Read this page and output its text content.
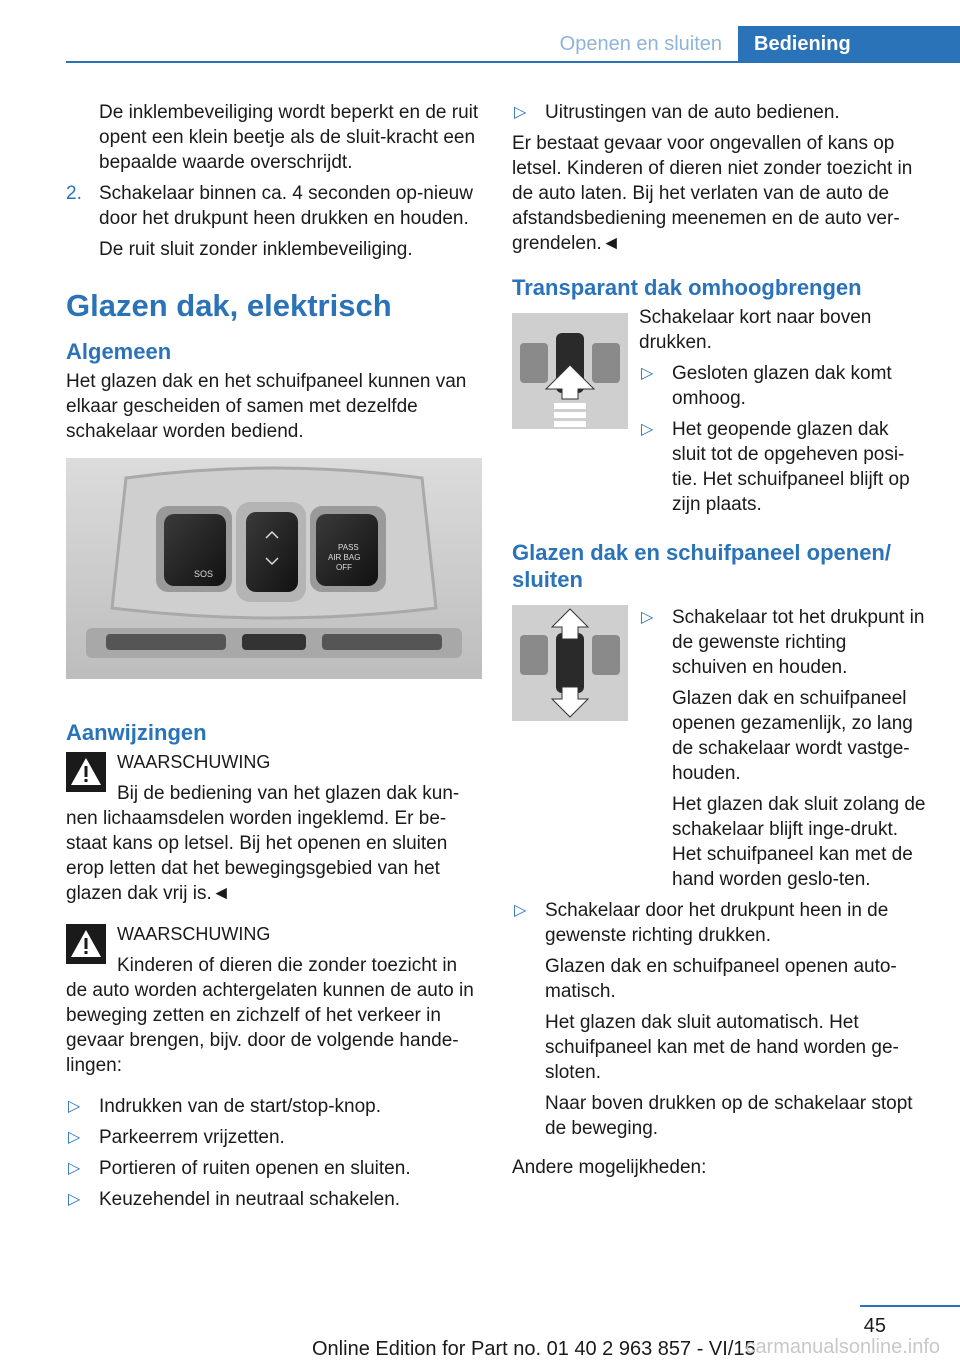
Openen en sluiten	Bediening

De inklembeveiliging wordt beperkt en de ruit opent een klein beetje als de sluit-kracht een bepaalde waarde overschrijdt.

2. Schakelaar binnen ca. 4 seconden op-nieuw door het drukpunt heen drukken en houden.
De ruit sluit zonder inklembeveiliging.
Glazen dak, elektrisch
Algemeen

Het glazen dak en het schuifpaneel kunnen van elkaar gescheiden of samen met dezelfde schakelaar worden bediend.

SOS
PASS
AIR BAG
OFF
Aanwijzingen
WAARSCHUWING
Bij de bediening van het glazen dak kun-nen lichaamsdelen worden ingeklemd. Er be-staat kans op letsel. Bij het openen en sluiten erop letten dat het bewegingsgebied van het glazen dak vrij is.◄
WAARSCHUWING
Kinderen of dieren die zonder toezicht in de auto worden achtergelaten kunnen de auto in beweging zetten en zichzelf of het verkeer in gevaar brengen, bijv. door de volgende hande-lingen:
▷ Indrukken van de start/stop-knop.
▷ Parkeerrem vrijzetten.
▷ Portieren of ruiten openen en sluiten.
▷ Keuzehendel in neutraal schakelen.
▷ Uitrustingen van de auto bedienen.

Er bestaat gevaar voor ongevallen of kans op letsel. Kinderen of dieren niet zonder toezicht in de auto laten. Bij het verlaten van de auto de afstandsbediening meenemen en de auto ver-grendelen.◄

Transparant dak omhoogbrengen

Schakelaar kort naar boven drukken.

▷ Gesloten glazen dak komt omhoog.
▷ Het geopende glazen dak sluit tot de opgeheven posi-tie. Het schuifpaneel blijft op zijn plaats.
Glazen dak en schuifpaneel openen/ sluiten
▷ Schakelaar tot het drukpunt in de gewenste richting schuiven en houden.
Glazen dak en schuifpaneel openen gezamenlijk, zo lang de schakelaar wordt vastge-houden.
Het glazen dak sluit zolang de schakelaar blijft inge-drukt. Het schuifpaneel kan met de hand worden geslo-ten.
▷ Schakelaar door het drukpunt heen in de gewenste richting drukken.
Glazen dak en schuifpaneel openen auto-matisch.
Het glazen dak sluit automatisch. Het schuifpaneel kan met de hand worden ge-sloten.
Naar boven drukken op de schakelaar stopt de beweging.

Andere mogelijkheden:

45
Online Edition for Part no. 01 40 2 963 857 - VI/15
carmanualsonline.info
